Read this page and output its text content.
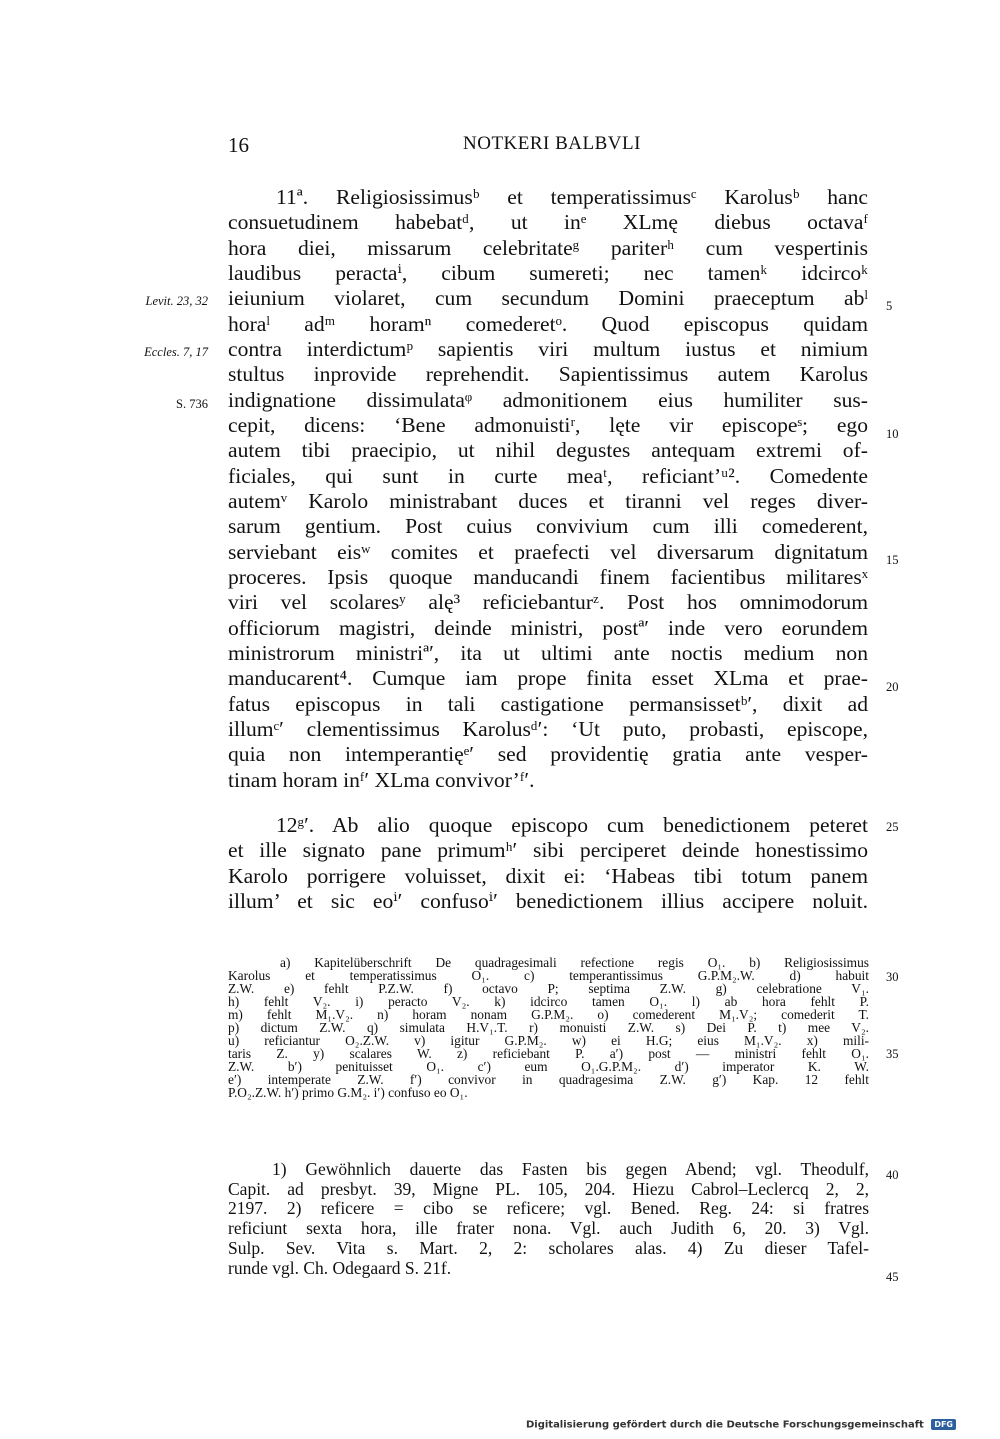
16	NOTKERI BALBVLI
11ª. Religiosissimusᵇ et temperatissimusᶜ Karolusᵇ hanc
consuetudinem habebatᵈ, ut inᵉ XLmę diebus octavaᶠ
hora diei, missarum celebritateᵍ pariterʰ cum vespertinis
laudibus peractaⁱ, cibum sumereti; nec tamenᵏ idcircoᵏ
ieiunium violaret, cum secundum Domini praeceptum abˡ
horaˡ adᵐ horamⁿ comederetᵒ. Quod episcopus quidam
contra interdictumᵖ sapientis viri multum iustus et nimium
stultus inprovide reprehendit. Sapientissimus autem Karolus
indignatione dissimulataᵠ admonitionem eius humiliter sus-
cepit, dicens: ‘Bene admonuistiʳ, lęte vir episcopeˢ; ego
autem tibi praecipio, ut nihil degustes antequam extremi of-
ficiales, qui sunt in curte meaᵗ, reficiant’ᵘ². Comedente
autemᵛ Karolo ministrabant duces et tiranni vel reges diver-
sarum gentium. Post cuius convivium cum illi comederent,
serviebant eisʷ comites et praefecti vel diversarum dignitatum
proceres. Ipsis quoque manducandi finem facientibus militaresˣ
viri vel scolaresʸ alę³ reficiebanturᶻ. Post hos omnimodorum
officiorum magistri, deinde ministri, postª′ inde vero eorundem
ministrorum ministriª′, ita ut ultimi ante noctis medium non
manducarent⁴. Cumque iam prope finita esset XLma et prae-
fatus episcopus in tali castigatione permansissetᵇ′, dixit ad
illumᶜ′ clementissimus Karolusᵈ′: ‘Ut puto, probasti, episcope,
quia non intemperantięᵉ′ sed providentię gratia ante vesper-
tinam horam inᶠ′ XLma convivor’ᶠ′.
12ᵍ′. Ab alio quoque episcopo cum benedictionem peteret
et ille signato pane primumʰ′ sibi perciperet deinde honestissimo
Karolo porrigere voluisset, dixit ei: ‘Habeas tibi totum panem
illum’ et sic eoⁱ′ confusoⁱ′ benedictionem illius accipere noluit.
Levit. 23, 32
Eccles. 7, 17
S. 736
5
10
15
20
25
30
35
40
45
a) Kapitelüberschrift De quadragesimali refectione regis O₁. b) Religiosissimus
Karolus et temperatissimus O₁. c) temperantissimus G.P.M₂.W. d) habuit
Z.W. e) fehlt P.Z.W. f) octavo P; septima Z.W. g) celebratione V₁.
h) fehlt V₂. i) peracto V₂. k) idcirco tamen O₁. l) ab hora fehlt P.
m) fehlt M₁.V₂. n) horam nonam G.P.M₂. o) comederent M₁.V₂; comederit T.
p) dictum Z.W. q) simulata H.V₁.T. r) monuisti Z.W. s) Dei P. t) mee V₂.
u) reficiantur O₂.Z.W. v) igitur G.P.M₂. w) ei H.G; eius M₁.V₂. x) mili-
taris Z. y) scalares W. z) reficiebant P. a′) post — ministri fehlt O₁.
Z.W. b′) penituisset O₁. c′) eum O₁.G.P.M₂. d′) imperator K. W.
e′) intemperate Z.W. f′) convivor in quadragesima Z.W. g′) Kap. 12 fehlt
P.O₂.Z.W. h′) primo G.M₂. i′) confuso eo O₁.
1) Gewöhnlich dauerte das Fasten bis gegen Abend; vgl. Theodulf,
Capit. ad presbyt. 39, Migne PL. 105, 204. Hiezu Cabrol–Leclercq 2, 2,
2197. 2) reficere = cibo se reficere; vgl. Bened. Reg. 24: si fratres
reficiunt sexta hora, ille frater nona. Vgl. auch Judith 6, 20. 3) Vgl.
Sulp. Sev. Vita s. Mart. 2, 2: scholares alas. 4) Zu dieser Tafel-
runde vgl. Ch. Odegaard S. 21f.
Digitalisierung gefördert durch die Deutsche Forschungsgemeinschaft DFG
